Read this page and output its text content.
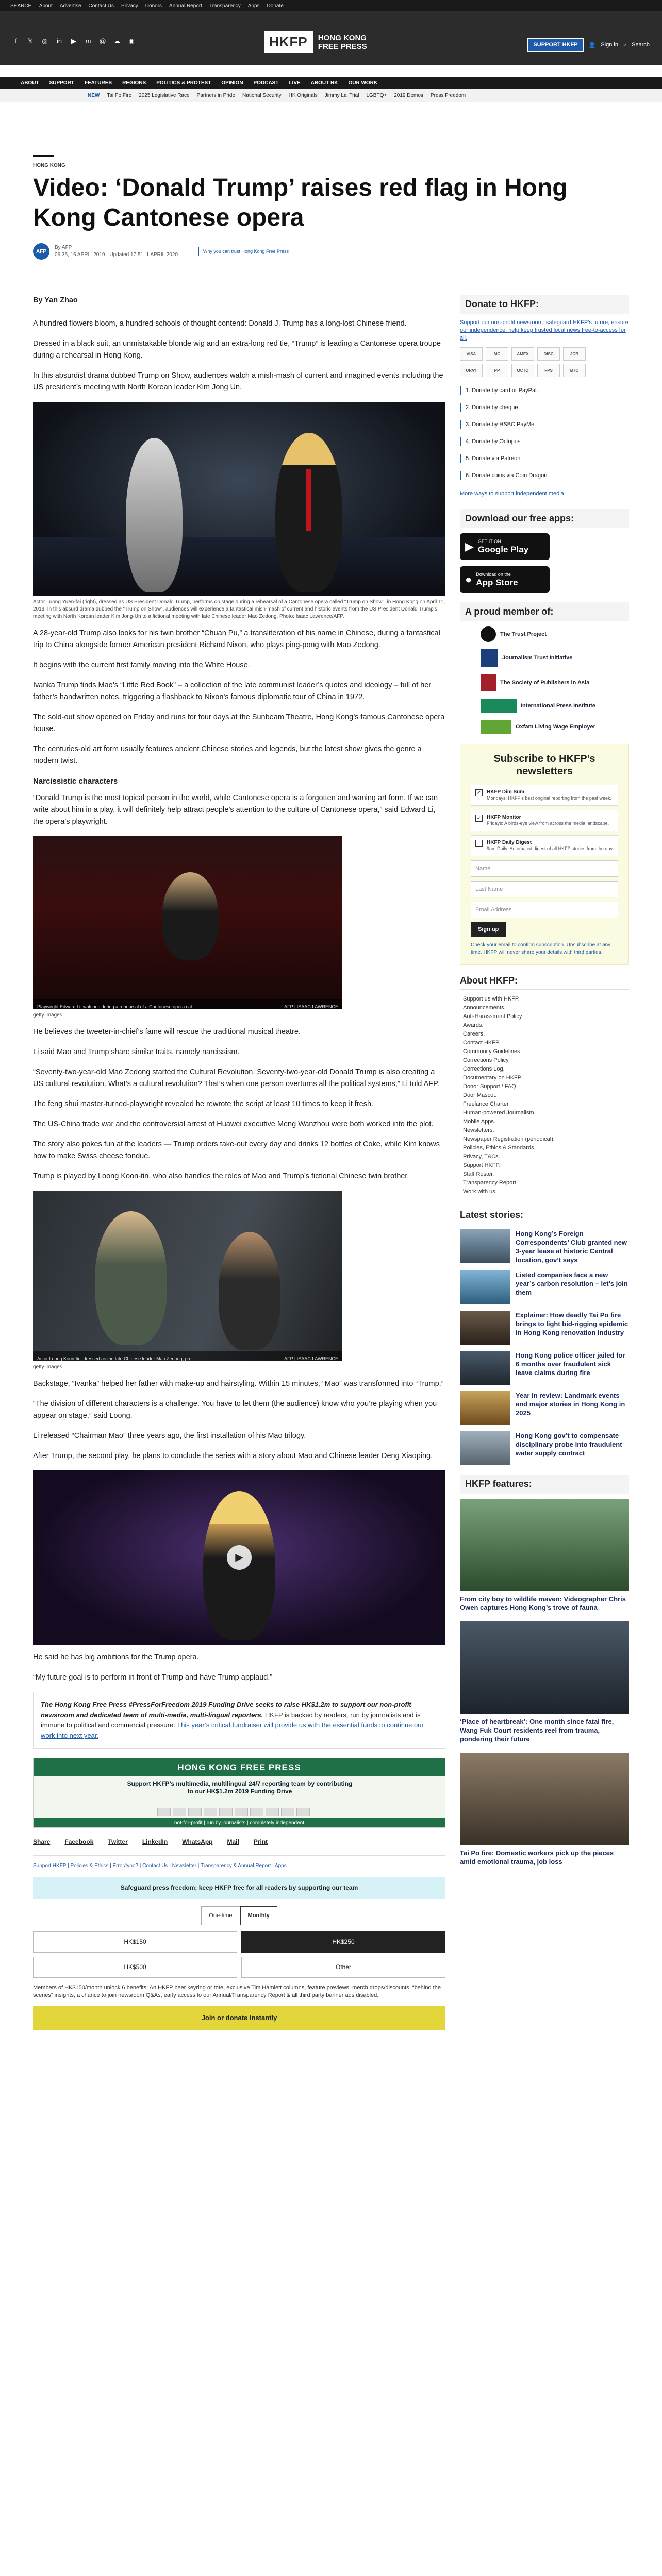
SEARCH About Advertise Contact Us Privacy Donors Annual Report Transparency Apps Donate
f	𝕏 ◎	in	▶	m @ ☁ ◉	HKFP	HONG KONG
FREE PRESS	SUPPORT HKFP	👤 Sign in ⌕ Search
ABOUT SUPPORT FEATURES REGIONS POLITICS & PROTEST OPINION PODCAST LIVE ABOUT HK OUR WORK
NEW Tai Po Fire 2025 Legislative Race Partners in Pride National Security HK Originals Jimmy Lai Trial LGBTQ+ 2019 Demos Press Freedom
HONG KONG
Video: ‘Donald Trump’ raises red flag in Hong Kong Cantonese opera
AFP
By AFP
06:35, 16 APRIL 2019 · Updated 17:51, 1 APRIL 2020
Why you can trust Hong Kong Free Press

By Yan Zhao

A hundred flowers bloom, a hundred schools of thought contend: Donald J. Trump has a long-lost Chinese friend.

Dressed in a black suit, an unmistakable blonde wig and an extra-long red tie, “Trump” is leading a Cantonese opera troupe during a rehearsal in Hong Kong.

In this absurdist drama dubbed Trump on Show, audiences watch a mish-mash of current and imagined events including the US president’s meeting with North Korean leader Kim Jong Un.

Actor Luong Yuen-fai (right), dressed as US President Donald Trump, performs on stage during a rehearsal of a Cantonese opera called “Trump on Show”, in Hong Kong on April 11, 2019. In this absurd drama dubbed the “Trump on Show”, audiences will experience a fantastical mish-mash of current and historic events from the US President Donald Trump’s meeting with North Korean leader Kim Jong-Un to a fictional meeting with late Chinese leader Mao Zedong. Photo: Isaac Lawrence/AFP.

A 28-year-old Trump also looks for his twin brother “Chuan Pu,” a transliteration of his name in Chinese, during a fantastical trip to China alongside former American president Richard Nixon, who plays ping-pong with Mao Zedong.

It begins with the current first family moving into the White House.

Ivanka Trump finds Mao’s “Little Red Book” – a collection of the late communist leader’s quotes and ideology – full of her father’s handwritten notes, triggering a flashback to Nixon’s famous diplomatic tour of China in 1972.

The sold-out show opened on Friday and runs for four days at the Sunbeam Theatre, Hong Kong’s famous Cantonese opera house.

The centuries-old art form usually features ancient Chinese stories and legends, but the latest show gives the genre a modern twist.

Narcissistic characters

“Donald Trump is the most topical person in the world, while Cantonese opera is a forgotten and waning art form. If we can write about him in a play, it will definitely help attract people’s attention to the culture of Cantonese opera,” said Edward Li, the opera’s playwright.

Playwright Edward Li, watches during a rehearsal of a Cantonese opera cal...	AFP | ISAAC LAWRENCE
getty images

He believes the tweeter-in-chief’s fame will rescue the traditional musical theatre.

Li said Mao and Trump share similar traits, namely narcissism.

“Seventy-two-year-old Mao Zedong started the Cultural Revolution. Seventy-two-year-old Donald Trump is also creating a US cultural revolution. What’s a cultural revolution? That’s when one person overturns all the political systems,” Li told AFP.

The feng shui master-turned-playwright revealed he rewrote the script at least 10 times to keep it fresh.

The US-China trade war and the controversial arrest of Huawei executive Meng Wanzhou were both worked into the plot.

The story also pokes fun at the leaders — Trump orders take-out every day and drinks 12 bottles of Coke, while Kim knows how to make Swiss cheese fondue.

Trump is played by Loong Koon-tin, who also handles the roles of Mao and Trump’s fictional Chinese twin brother.

Actor Loong Koon-tin, dressed as the late Chinese leader Mao Zedong, pre...	AFP | ISAAC LAWRENCE
getty images

Backstage, “Ivanka” helped her father with make-up and hairstyling. Within 15 minutes, “Mao” was transformed into “Trump.”

“The division of different characters is a challenge. You have to let them (the audience) know who you’re playing when you appear on stage,” said Loong.

Li released “Chairman Mao” three years ago, the first installation of his Mao trilogy.

After Trump, the second play, he plans to conclude the series with a story about Mao and Chinese leader Deng Xiaoping.

▶

He said he has big ambitions for the Trump opera.

“My future goal is to perform in front of Trump and have Trump applaud.”

The Hong Kong Free Press #PressForFreedom 2019 Funding Drive seeks to raise HK$1.2m to support our non-profit newsroom and dedicated team of multi-media, multi-lingual reporters. HKFP is backed by readers, run by journalists and is immune to political and commercial pressure. This year’s critical fundraiser will provide us with the essential funds to continue our work into next year.
HONG KONG FREE PRESS
Support HKFP’s multimedia, multilingual 24/7 reporting team by contributing to our HK$1.2m 2019 Funding Drive
not-for-profit | run by journalists | completely independent
Share Facebook Twitter LinkedIn WhatsApp Mail Print
Support HKFP | Policies & Ethics | Error/typo? | Contact Us | Newsletter | Transparency & Annual Report | Apps
Safeguard press freedom; keep HKFP free for all readers by supporting our team
One-time	Monthly
HK$150	HK$250
HK$500	Other
Members of HK$150/month unlock 6 benefits: An HKFP beer keyring or tote, exclusive Tim Hamlett columns, feature previews, merch drops/discounts, “behind the scenes” insights, a chance to join newsroom Q&As, early access to our Annual/Transparency Report & all third party banner ads disabled.
Join or donate instantly
Donate to HKFP:
Support our non-profit newsroom: safeguard HKFP’s future, ensure our independence, help keep trusted local news free-to-access for all.
VISA	MC	AMEX	DISC	JCB
UPAY	PP	OCTO	FPS	BTC
1. Donate by card or PayPal.
2. Donate by cheque.
3. Donate by HSBC PayMe.
4. Donate by Octopus.
5. Donate via Patreon.
6. Donate coins via Coin Dragon.
More ways to support independent media.
Download our free apps:
▶ GET IT ON
Google Play
● Download on the
App Store
A proud member of:
The Trust Project
Journalism Trust Initiative
The Society of Publishers in Asia
International Press Institute
Oxfam Living Wage Employer
Subscribe to HKFP’s newsletters
✓ HKFP Dim Sum
Mondays: HKFP’s best original reporting from the past week.
✓ HKFP Monitor
Fridays: A birds-eye view from across the media landscape.
HKFP Daily Digest
9am Daily: Automated digest of all HKFP stories from the day.
Name
Last Name
Email Address
Sign up
Check your email to confirm subscription. Unsubscribe at any time. HKFP will never share your details with third parties.
About HKFP:
Support us with HKFP.
Announcements.
Anti-Harassment Policy.
Awards.
Careers.
Contact HKFP.
Community Guidelines.
Corrections Policy.
Corrections Log.
Documentary on HKFP.
Donor Support / FAQ.
Door Mascot.
Freelance Charter.
Human-powered Journalism.
Mobile Apps.
Newsletters.
Newspaper Registration (periodical).
Policies, Ethics & Standards.
Privacy, T&Cs.
Support HKFP.
Staff Roster.
Transparency Report.
Work with us.
Latest stories:
Hong Kong’s Foreign Correspondents’ Club granted new 3-year lease at historic Central location, gov’t says
Listed companies face a new year’s carbon resolution – let’s join them
Explainer: How deadly Tai Po fire brings to light bid-rigging epidemic in Hong Kong renovation industry
Hong Kong police officer jailed for 6 months over fraudulent sick leave claims during fire
Year in review: Landmark events and major stories in Hong Kong in 2025
Hong Kong gov’t to compensate disciplinary probe into fraudulent water supply contract
HKFP features:
From city boy to wildlife maven: Videographer Chris Owen captures Hong Kong’s trove of fauna
‘Place of heartbreak’: One month since fatal fire, Wang Fuk Court residents reel from trauma, pondering their future
Tai Po fire: Domestic workers pick up the pieces amid emotional trauma, job loss
